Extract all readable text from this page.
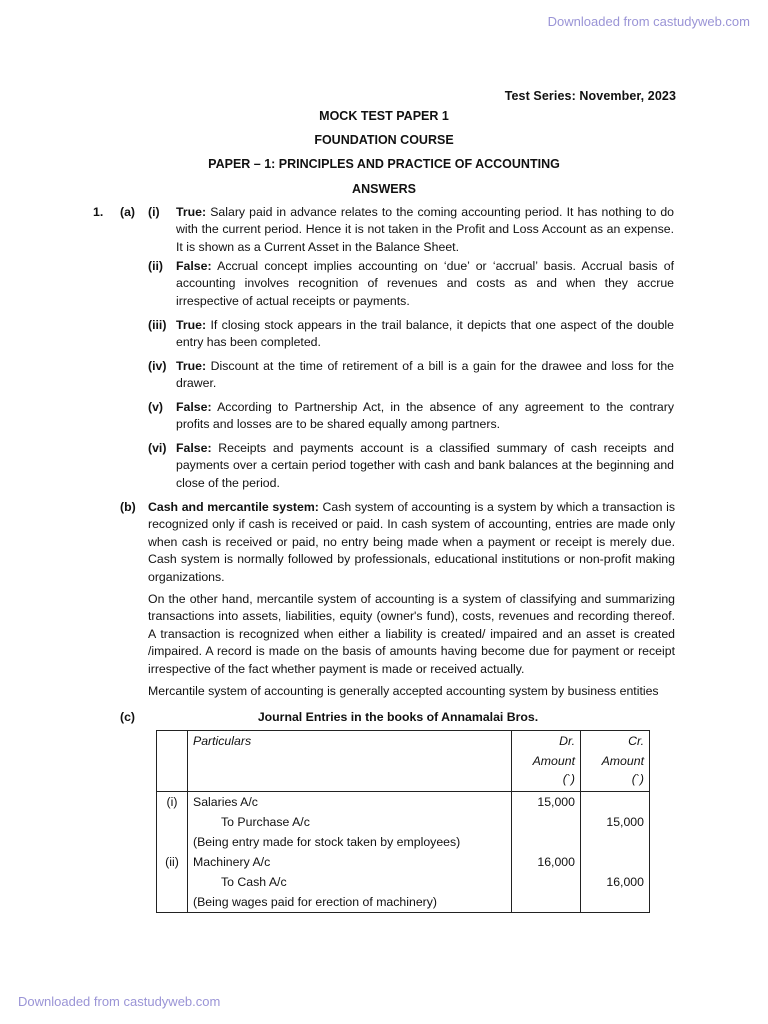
Downloaded from castudyweb.com
Test Series: November, 2023
MOCK TEST PAPER 1
FOUNDATION COURSE
PAPER – 1: PRINCIPLES AND PRACTICE OF ACCOUNTING
ANSWERS
1. (a) (i) True: Salary paid in advance relates to the coming accounting period. It has nothing to do with the current period. Hence it is not taken in the Profit and Loss Account as an expense. It is shown as a Current Asset in the Balance Sheet.
(ii) False: Accrual concept implies accounting on ‘due’ or ‘accrual’ basis. Accrual basis of accounting involves recognition of revenues and costs as and when they accrue irrespective of actual receipts or payments.
(iii) True: If closing stock appears in the trail balance, it depicts that one aspect of the double entry has been completed.
(iv) True: Discount at the time of retirement of a bill is a gain for the drawee and loss for the drawer.
(v) False: According to Partnership Act, in the absence of any agreement to the contrary profits and losses are to be shared equally among partners.
(vi) False: Receipts and payments account is a classified summary of cash receipts and payments over a certain period together with cash and bank balances at the beginning and close of the period.
(b) Cash and mercantile system: Cash system of accounting is a system by which a transaction is recognized only if cash is received or paid. In cash system of accounting, entries are made only when cash is received or paid, no entry being made when a payment or receipt is merely due. Cash system is normally followed by professionals, educational institutions or non-profit making organizations.
On the other hand, mercantile system of accounting is a system of classifying and summarizing transactions into assets, liabilities, equity (owner's fund), costs, revenues and recording thereof. A transaction is recognized when either a liability is created/ impaired and an asset is created /impaired. A record is made on the basis of amounts having become due for payment or receipt irrespective of the fact whether payment is made or received actually.
Mercantile system of accounting is generally accepted accounting system by business entities
(c)	Journal Entries in the books of Annamalai Bros.
	Particulars	Dr.	Cr.
		Amount	Amount
		(`)	(`)
(i)	Salaries A/c	15,000	
	To Purchase A/c		15,000
	(Being entry made for stock taken by employees)		
(ii)	Machinery A/c	16,000	
	To Cash A/c		16,000
	(Being wages paid for erection of machinery)		
Downloaded from castudyweb.com
